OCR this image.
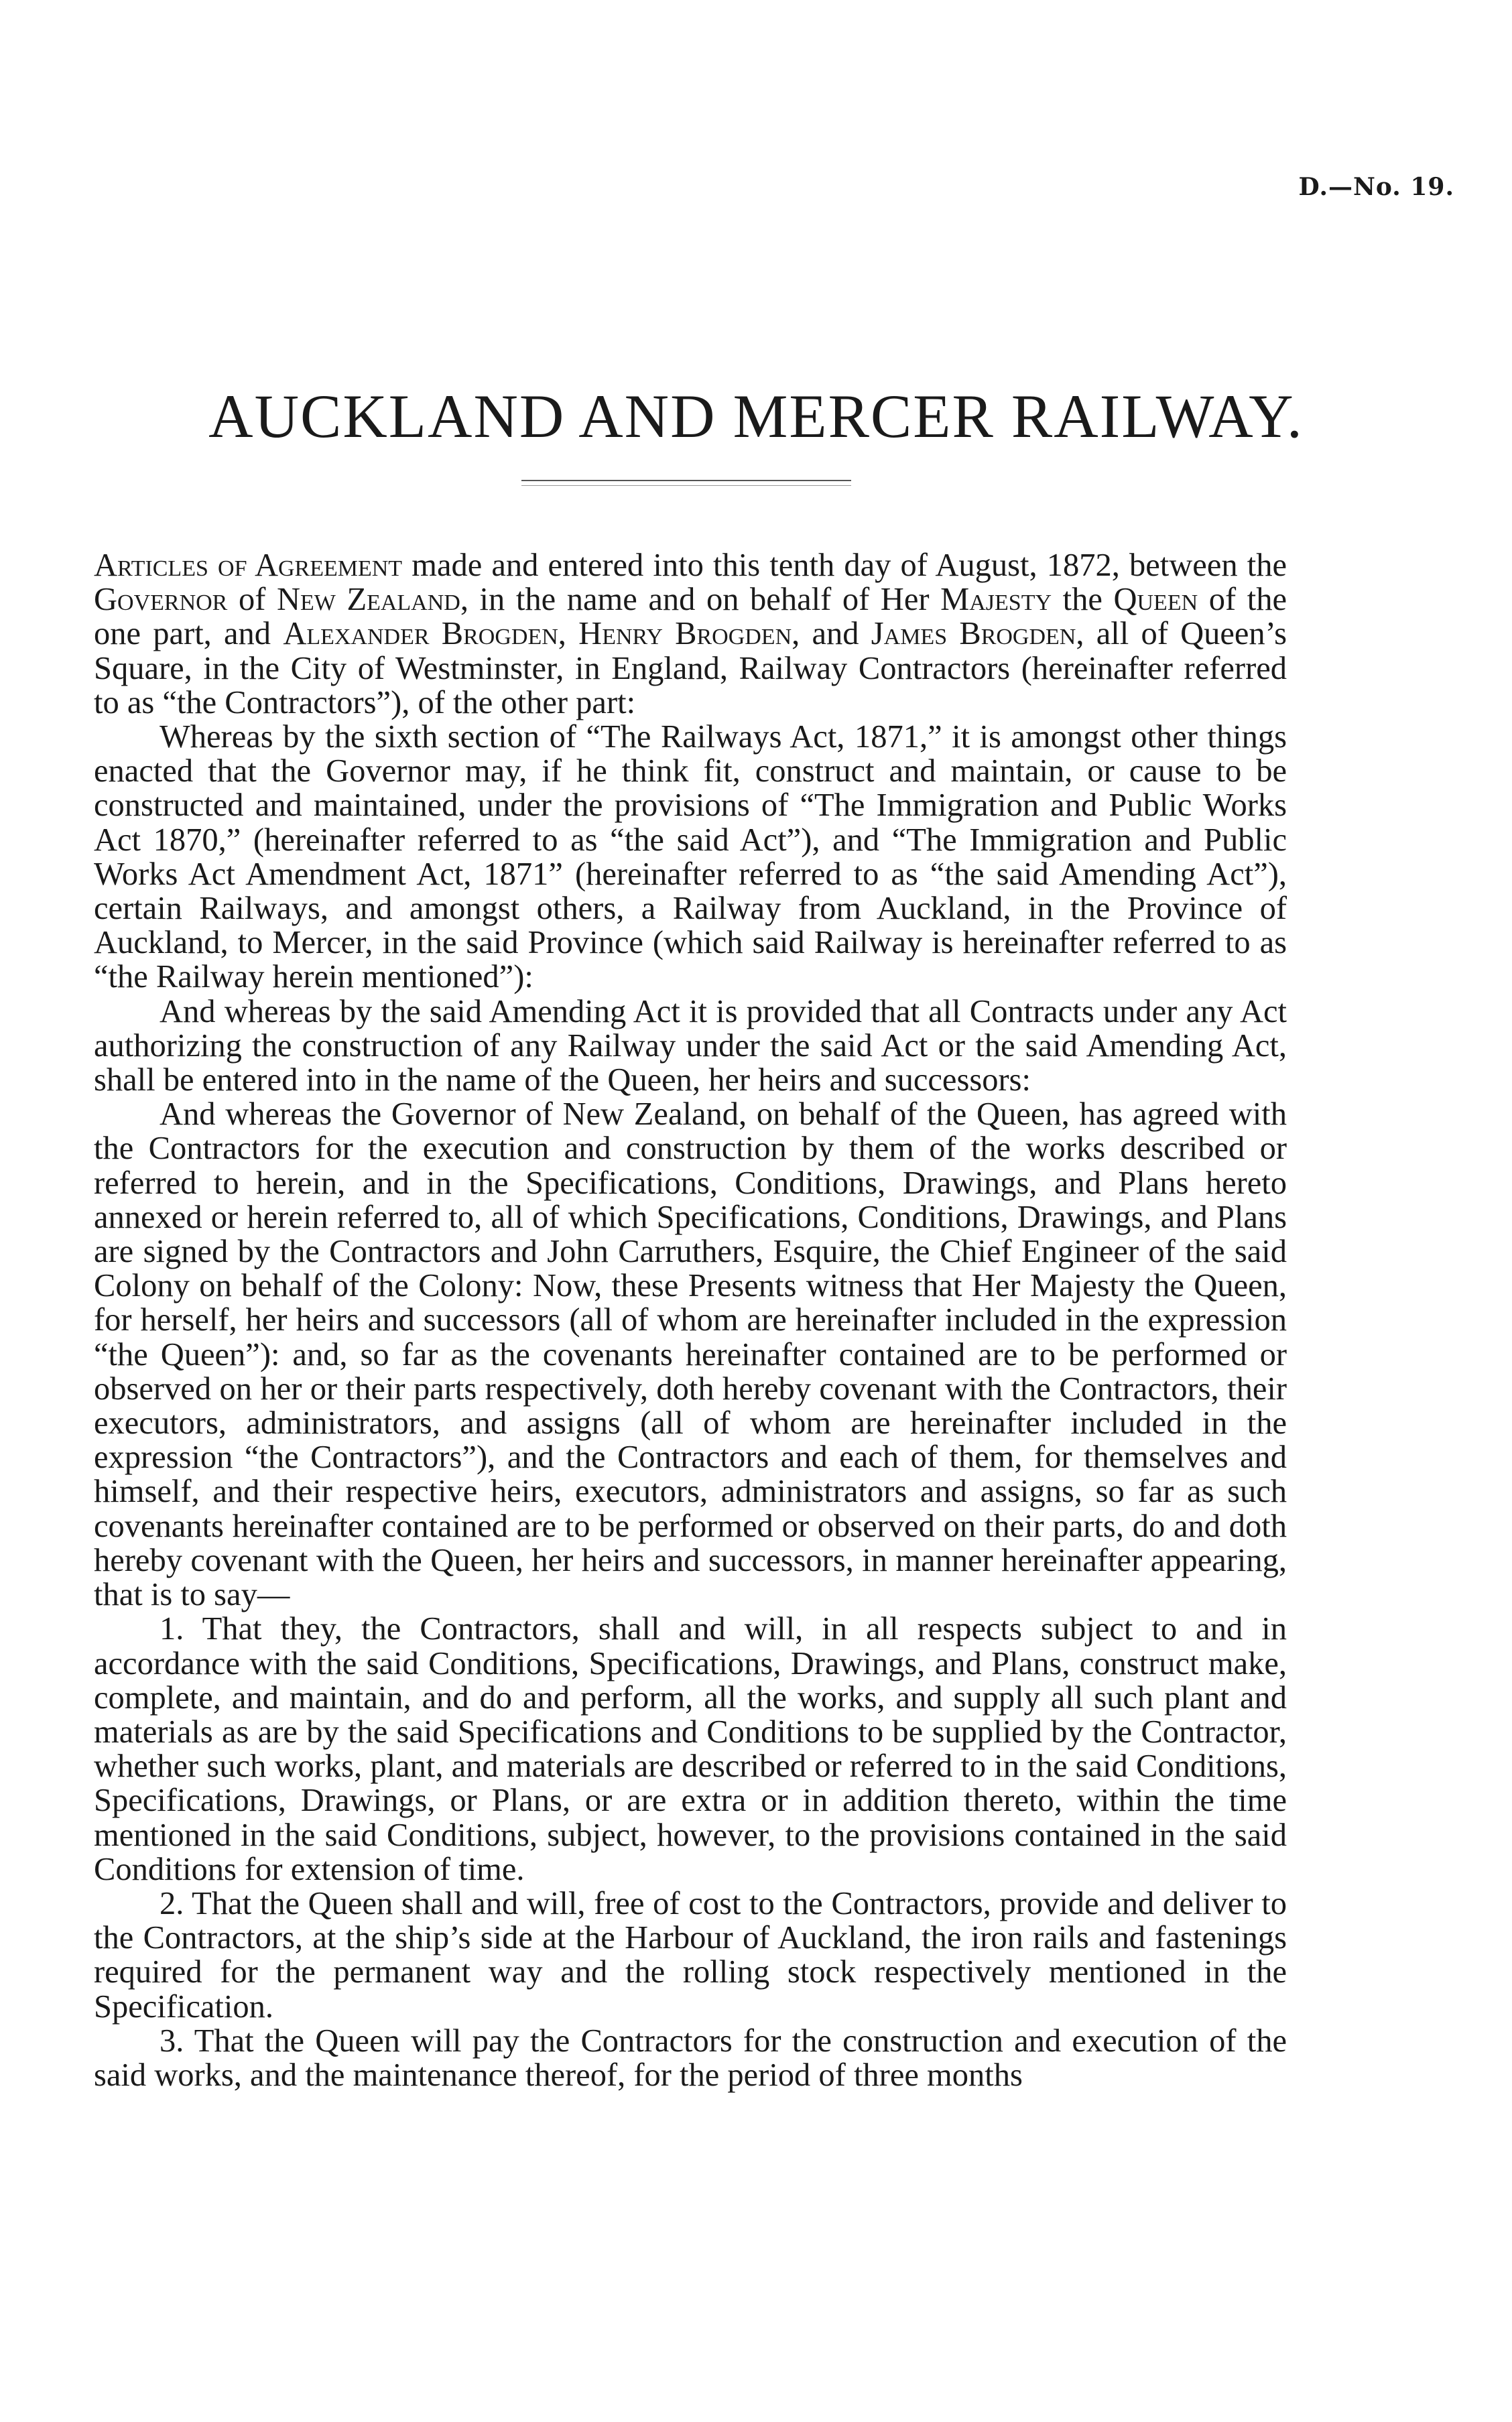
D.—No. 19.
AUCKLAND AND MERCER RAILWAY.

Articles of Agreement made and entered into this tenth day of August, 1872, between the Governor of New Zealand, in the name and on behalf of Her Majesty the Queen of the one part, and Alexander Brogden, Henry Brogden, and James Brogden, all of Queen’s Square, in the City of Westminster, in England, Railway Contractors (hereinafter referred to as “the Contractors”), of the other part:

Whereas by the sixth section of “The Railways Act, 1871,” it is amongst other things enacted that the Governor may, if he think fit, construct and maintain, or cause to be constructed and maintained, under the provisions of “The Immigration and Public Works Act 1870,” (hereinafter referred to as “the said Act”), and “The Immigration and Public Works Act Amendment Act, 1871” (hereinafter referred to as “the said Amending Act”), certain Railways, and amongst others, a Railway from Auckland, in the Province of Auckland, to Mercer, in the said Province (which said Railway is hereinafter referred to as “the Railway herein mentioned”):

And whereas by the said Amending Act it is provided that all Contracts under any Act authorizing the construction of any Railway under the said Act or the said Amending Act, shall be entered into in the name of the Queen, her heirs and successors:

And whereas the Governor of New Zealand, on behalf of the Queen, has agreed with the Contractors for the execution and construction by them of the works described or referred to herein, and in the Specifications, Conditions, Drawings, and Plans hereto annexed or herein referred to, all of which Specifications, Conditions, Drawings, and Plans are signed by the Contractors and John Carruthers, Esquire, the Chief Engineer of the said Colony on behalf of the Colony: Now, these Presents witness that Her Majesty the Queen, for herself, her heirs and successors (all of whom are hereinafter included in the expression “the Queen”): and, so far as the covenants hereinafter contained are to be performed or observed on her or their parts respectively, doth hereby covenant with the Contractors, their executors, administrators, and assigns (all of whom are hereinafter included in the expression “the Contractors”), and the Contractors and each of them, for themselves and himself, and their respective heirs, executors, administrators and assigns, so far as such covenants hereinafter contained are to be performed or observed on their parts, do and doth hereby covenant with the Queen, her heirs and successors, in manner hereinafter appearing, that is to say—

1. That they, the Contractors, shall and will, in all respects subject to and in accordance with the said Conditions, Specifications, Drawings, and Plans, construct make, complete, and maintain, and do and perform, all the works, and supply all such plant and materials as are by the said Specifications and Conditions to be supplied by the Contractor, whether such works, plant, and materials are described or referred to in the said Conditions, Specifications, Drawings, or Plans, or are extra or in addition thereto, within the time mentioned in the said Conditions, subject, however, to the provisions contained in the said Conditions for extension of time.

2. That the Queen shall and will, free of cost to the Contractors, provide and deliver to the Contractors, at the ship’s side at the Harbour of Auckland, the iron rails and fastenings required for the permanent way and the rolling stock respectively mentioned in the Specification.

3. That the Queen will pay the Contractors for the construction and execution of the said works, and the maintenance thereof, for the period of three months
